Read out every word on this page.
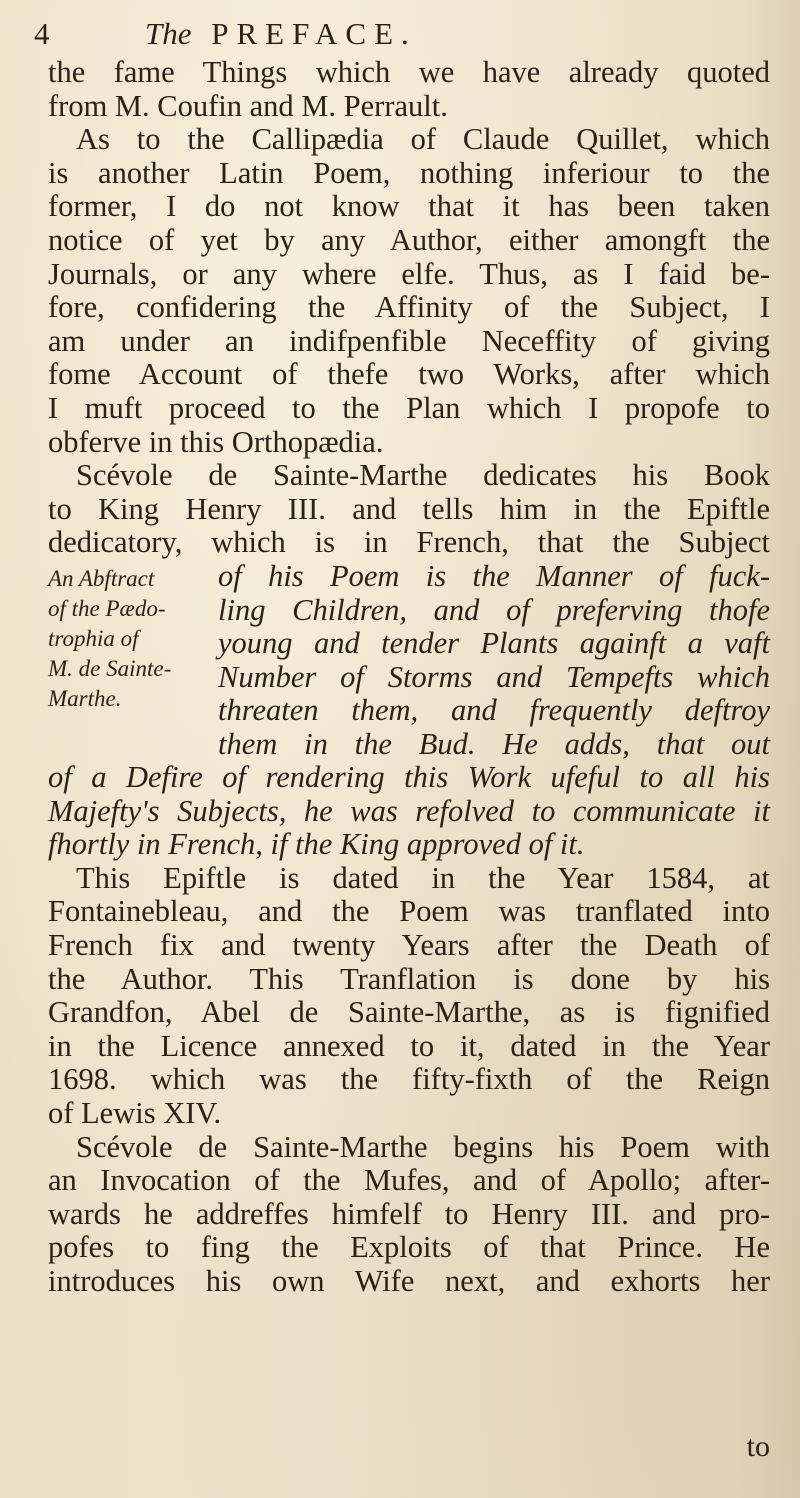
4	The PREFACE.
the fame Things which we have already quoted
from M. Coufin and M. Perrault.
As to the Callipædia of Claude Quillet, which
is another Latin Poem, nothing inferiour to the
former, I do not know that it has been taken
notice of yet by any Author, either amongft the
Journals, or any where elfe. Thus, as I faid be-
fore, confidering the Affinity of the Subject, I
am under an indifpenfible Neceffity of giving
fome Account of thefe two Works, after which
I muft proceed to the Plan which I propofe to
obferve in this Orthopædia.
Scévole de Sainte-Marthe dedicates his Book
to King Henry III. and tells him in the Epiftle
dedicatory, which is in French, that the Subject
An Abftract
of the Pædo-
trophia of
M. de Sainte-
Marthe.
of his Poem is the Manner of fuck-
ling Children, and of preferving thofe
young and tender Plants againft a vaft
Number of Storms and Tempefts which
threaten them, and frequently deftroy
them in the Bud. He adds, that out
of a Defire of rendering this Work ufeful to all his
Majefty's Subjects, he was refolved to communicate it
fhortly in French, if the King approved of it.
This Epiftle is dated in the Year 1584, at
Fontainebleau, and the Poem was tranflated into
French fix and twenty Years after the Death of
the Author. This Tranflation is done by his
Grandfon, Abel de Sainte-Marthe, as is fignified
in the Licence annexed to it, dated in the Year
1698. which was the fifty-fixth of the Reign
of Lewis XIV.
Scévole de Sainte-Marthe begins his Poem with
an Invocation of the Mufes, and of Apollo; after-
wards he addreffes himfelf to Henry III. and pro-
pofes to fing the Exploits of that Prince. He
introduces his own Wife next, and exhorts her
to
